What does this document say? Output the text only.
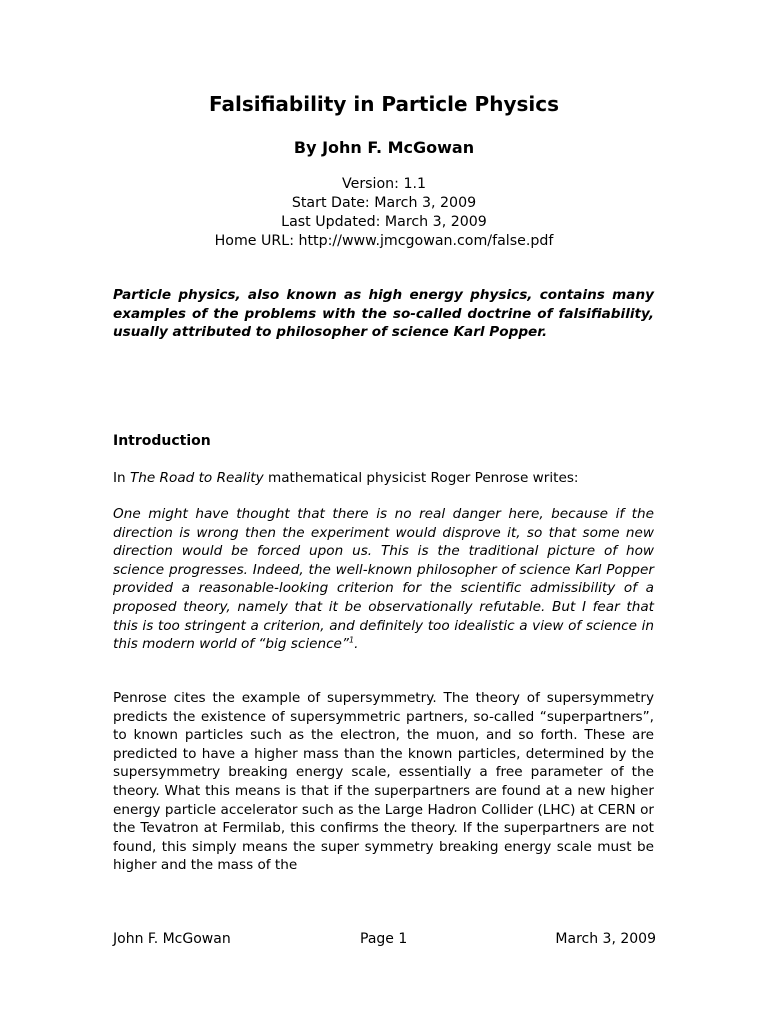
Falsifiability in Particle Physics
By John F. McGowan
Version: 1.1
Start Date: March 3, 2009
Last Updated: March 3, 2009
Home URL: http://www.jmcgowan.com/false.pdf
Particle physics, also known as high energy physics, contains many examples of the problems with the so-called doctrine of falsifiability, usually attributed to philosopher of science Karl Popper.
Introduction
In The Road to Reality mathematical physicist Roger Penrose writes:
One might have thought that there is no real danger here, because if the direction is wrong then the experiment would disprove it, so that some new direction would be forced upon us. This is the traditional picture of how science progresses. Indeed, the well-known philosopher of science Karl Popper provided a reasonable-looking criterion for the scientific admissibility of a proposed theory, namely that it be observationally refutable. But I fear that this is too stringent a criterion, and definitely too idealistic a view of science in this modern world of “big science”$^1$.
Penrose cites the example of supersymmetry. The theory of supersymmetry predicts the existence of supersymmetric partners, so-called “superpartners”, to known particles such as the electron, the muon, and so forth. These are predicted to have a higher mass than the known particles, determined by the supersymmetry breaking energy scale, essentially a free parameter of the theory. What this means is that if the superpartners are found at a new higher energy particle accelerator such as the Large Hadron Collider (LHC) at CERN or the Tevatron at Fermilab, this confirms the theory. If the superpartners are not found, this simply means the super symmetry breaking energy scale must be higher and the mass of the
John F. McGowan	Page 1	March 3, 2009
